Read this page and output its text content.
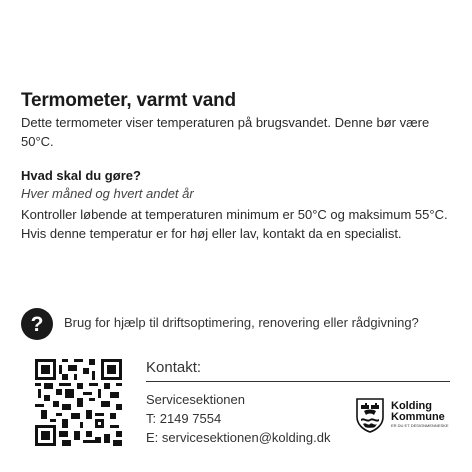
Termometer, varmt vand
Dette termometer viser temperaturen på brugsvandet. Denne bør være 50°C.
Hvad skal du gøre?
Hver måned og hvert andet år
Kontroller løbende at temperaturen minimum er 50°C og maksimum 55°C. Hvis denne temperatur er for høj eller lav, kontakt da en specialist.
? Brug for hjælp til driftsoptimering, renovering eller rådgivning?
Kontakt:
Servicesektionen
T: 2149 7554
E: servicesektionen@kolding.dk
Kolding
Kommune
ER DU ET DESIGNMENNESKE
